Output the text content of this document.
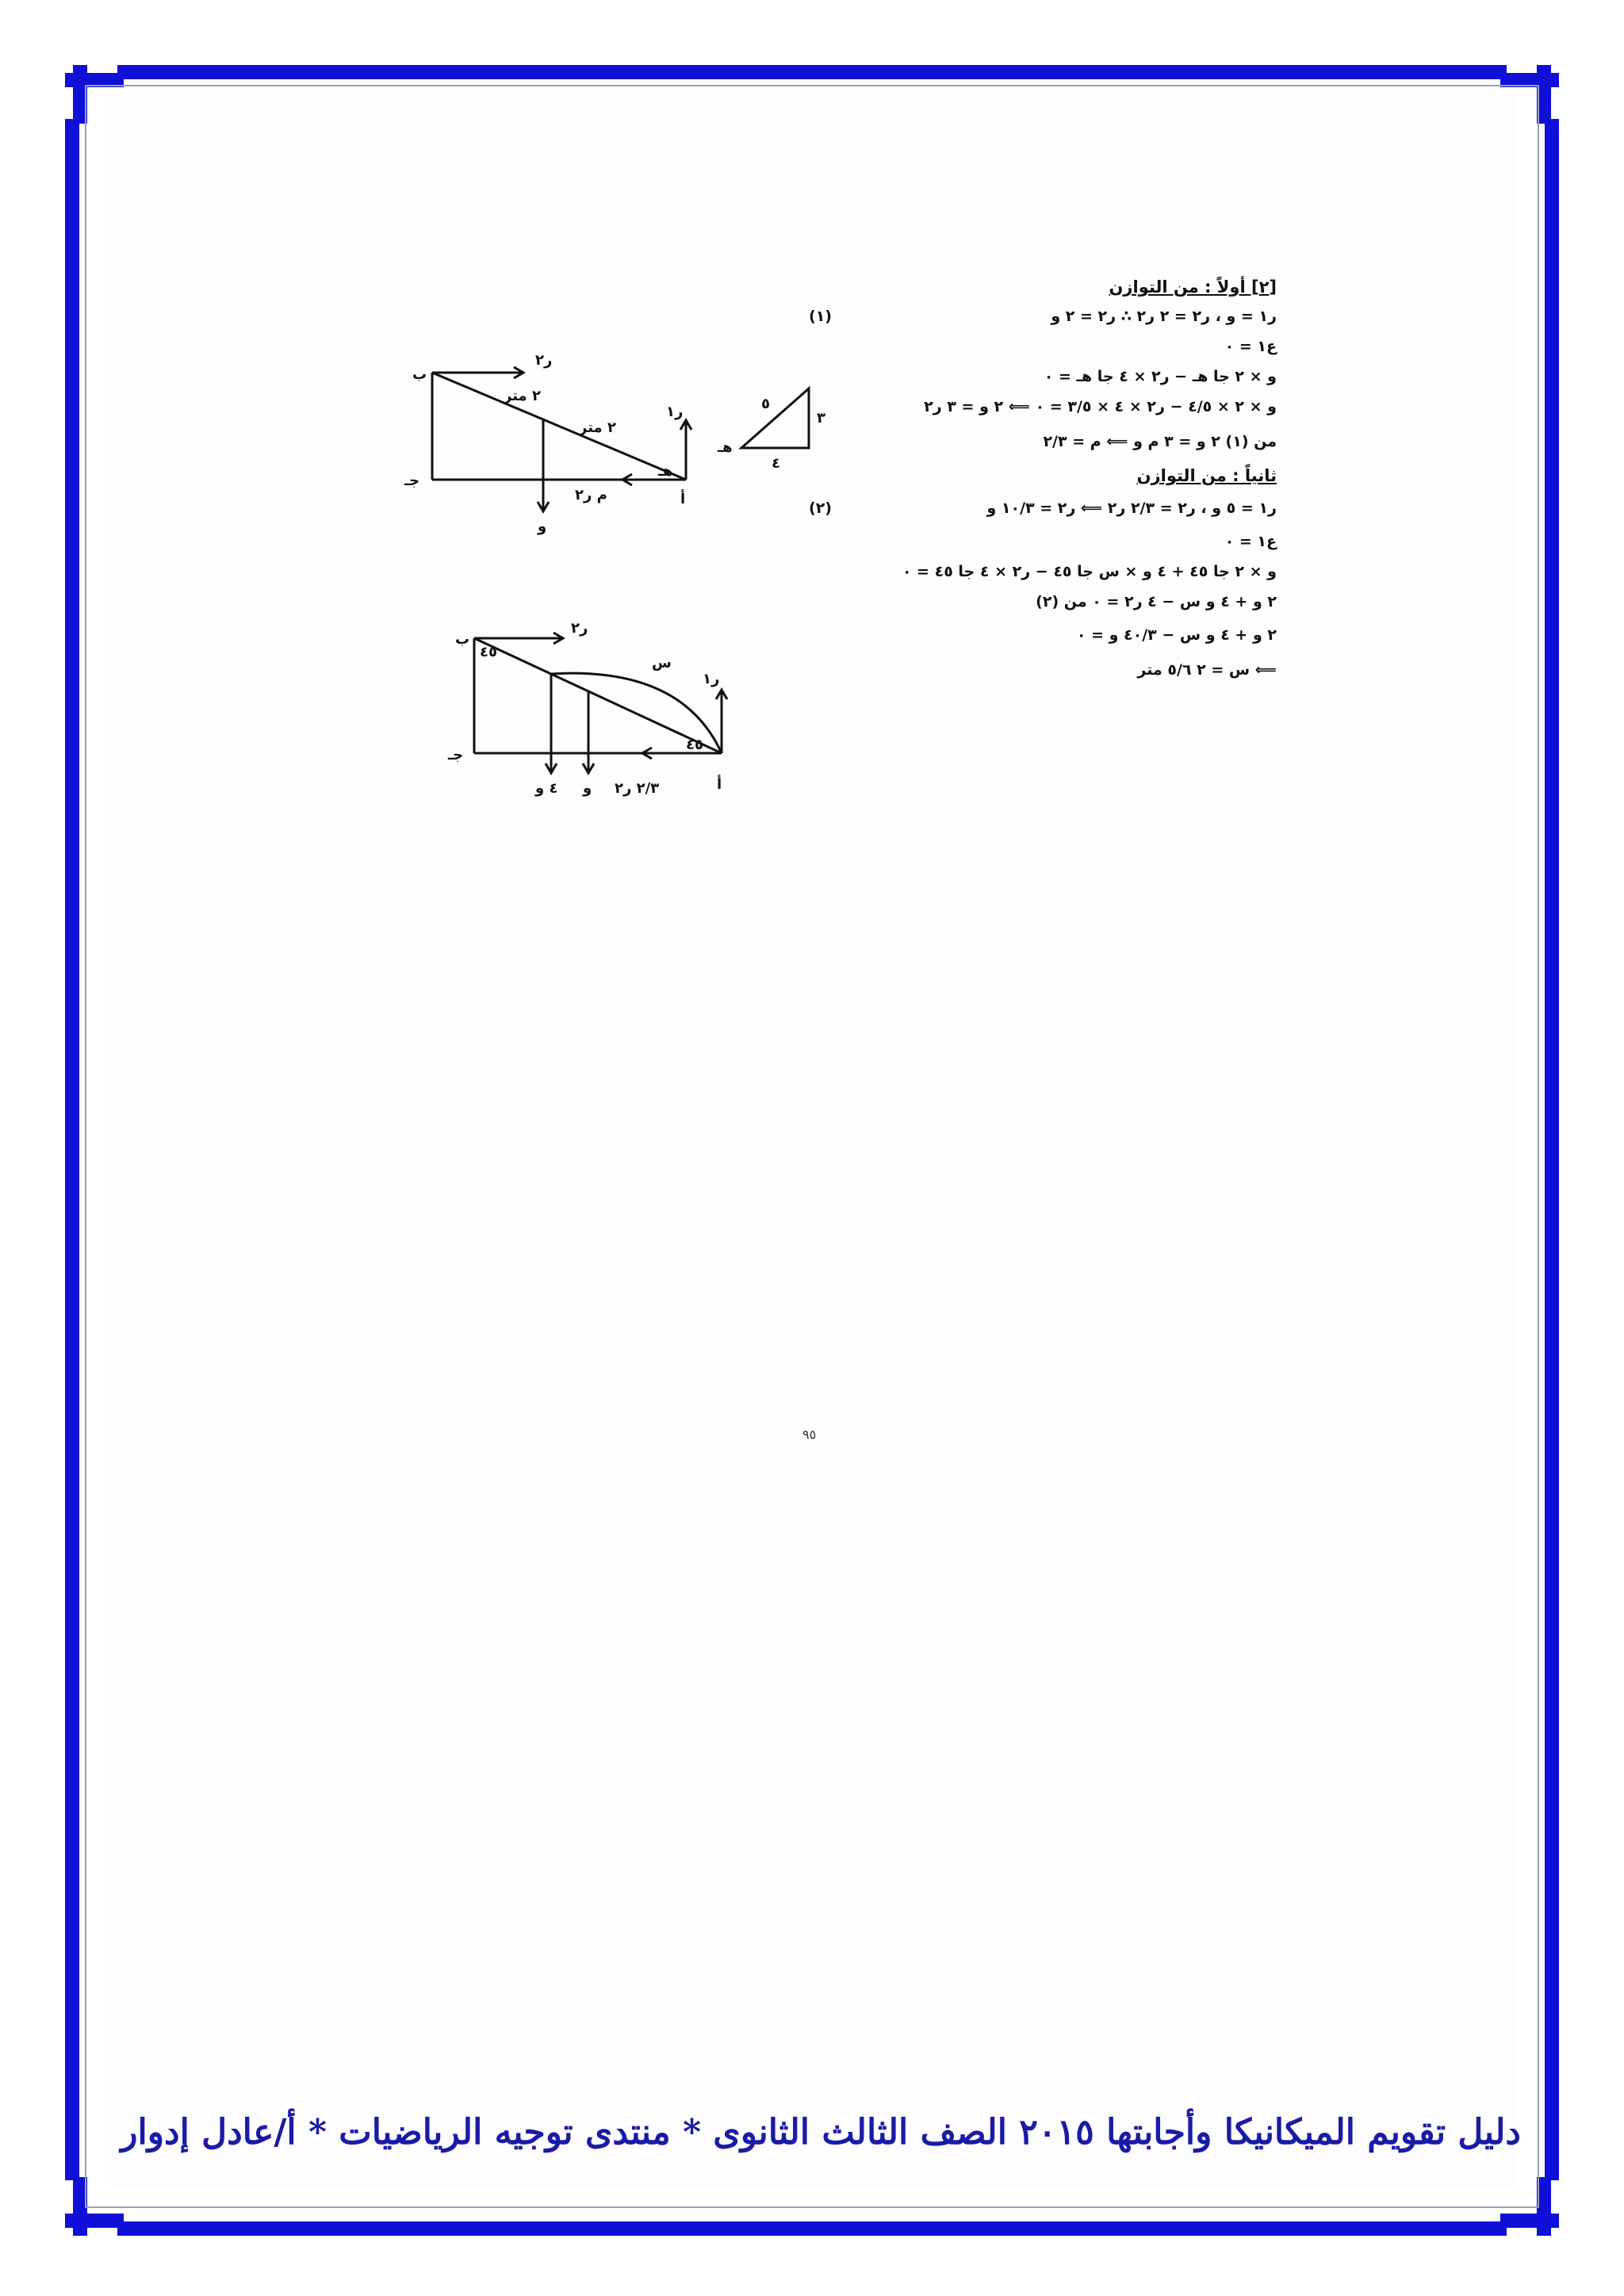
ب
جـ
أ
و
ر١
ر٢
م ر٢
٢ متر
٢ متر
هـ
٥
٣
٤
هـ
ب
جـ
أ
٤٥
٤٥
س
ر١
ر٢
٤ و و ٢/٣ ر٢
[٢] أولاً : من التوازن
ر١ = و ، ر٢ = ٢ ر٢ ∴ ر٢ = ٢ و
(١)
ع١ = ٠
و × ٢ جا هـ − ر٢ × ٤ جا هـ = ٠
و × ٢ × ٤/٥ − ر٢ × ٤ × ٣/٥ = ٠ ⟸ ٢ و = ٣ ر٢
من (١) ٢ و = ٣ م و ⟸ م = ٢/٣
ثانياً : من التوازن
ر١ = ٥ و ، ر٢ = ٢/٣ ر٢ ⟸ ر٢ = ١٠/٣ و
(٢)
ع١ = ٠
و × ٢ جا ٤٥ + ٤ و × س جا ٤٥ − ر٢ × ٤ جا ٤٥ = ٠
٢ و + ٤ و س − ٤ ر٢ = ٠ من (٢)
٢ و + ٤ و س − ٤٠/٣ و = ٠
⟸ س = ٢ ٥/٦ متر
٩٥
دليل تقويم الميكانيكا وأجابتها ٢٠١٥ الصف الثالث الثانوى * منتدى توجيه الرياضيات * أ/عادل إدوار
